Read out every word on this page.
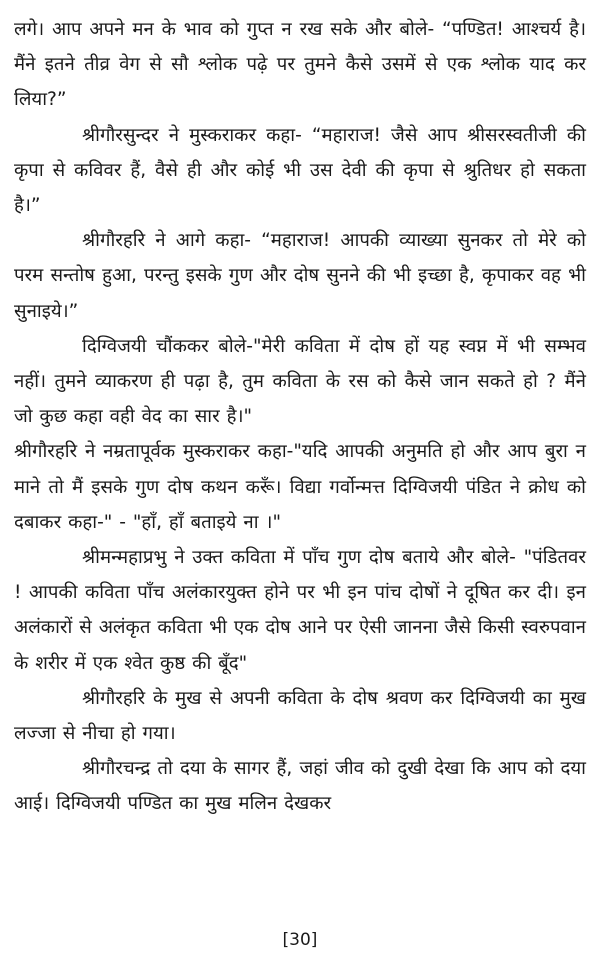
लगे। आप अपने मन के भाव को गुप्त न रख सके और बोले- “पण्डित! आश्चर्य है। मैंने इतने तीव्र वेग से सौ श्लोक पढ़े पर तुमने कैसे उसमें से एक श्लोक याद कर लिया?”

श्रीगौरसुन्दर ने मुस्कराकर कहा- “महाराज! जैसे आप श्रीसरस्वतीजी की कृपा से कविवर हैं, वैसे ही और कोई भी उस देवी की कृपा से श्रुतिधर हो सकता है।”

श्रीगौरहरि ने आगे कहा- “महाराज! आपकी व्याख्या सुनकर तो मेरे को परम सन्तोष हुआ, परन्तु इसके गुण और दोष सुनने की भी इच्छा है, कृपाकर वह भी सुनाइये।”

दिग्विजयी चौंककर बोले-"मेरी कविता में दोष हों यह स्वप्न में भी सम्भव नहीं। तुमने व्याकरण ही पढ़ा है, तुम कविता के रस को कैसे जान सकते हो ? मैंने जो कुछ कहा वही वेद का सार है।"

श्रीगौरहरि ने नम्रतापूर्वक मुस्कराकर कहा-"यदि आपकी अनुमति हो और आप बुरा न माने तो मैं इसके गुण दोष कथन करूँ। विद्या गर्वोन्मत्त दिग्विजयी पंडित ने क्रोध को दबाकर कहा-" - "हाँ, हाँ बताइये ना ।"

श्रीमन्महाप्रभु ने उक्त कविता में पाँच गुण दोष बताये और बोले- "पंडितवर ! आपकी कविता पाँच अलंकारयुक्त होने पर भी इन पांच दोषों ने दूषित कर दी। इन अलंकारों से अलंकृत कविता भी एक दोष आने पर ऐसी जानना जैसे किसी स्वरुपवान के शरीर में एक श्वेत कुष्ठ की बूँद"

श्रीगौरहरि के मुख से अपनी कविता के दोष श्रवण कर दिग्विजयी का मुख लज्जा से नीचा हो गया।

श्रीगौरचन्द्र तो दया के सागर हैं, जहां जीव को दुखी देखा कि आप को दया आई। दिग्विजयी पण्डित का मुख मलिन देखकर

[30]
